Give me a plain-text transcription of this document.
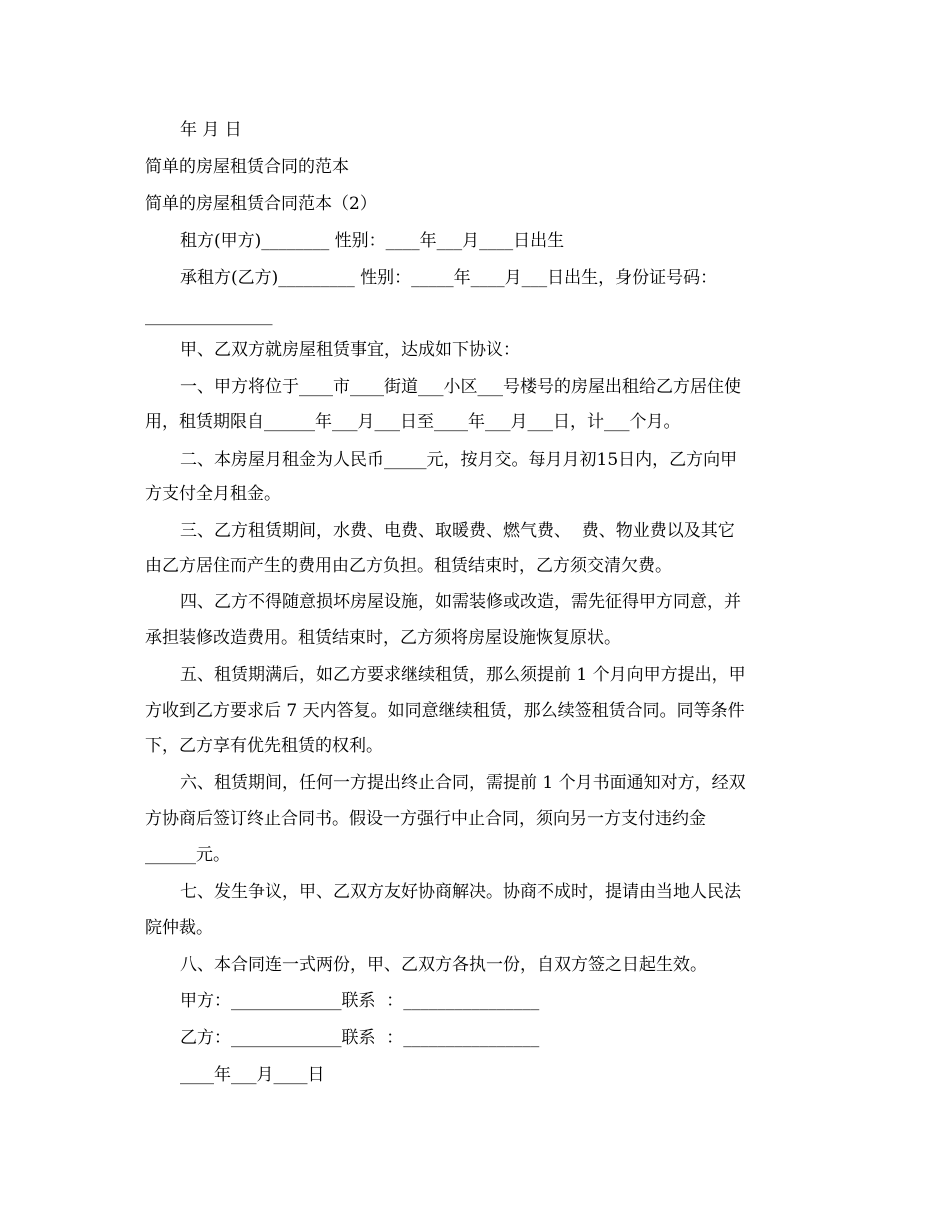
年 月 日
简单的房屋租赁合同的范本
简单的房屋租赁合同范本（2）
租方(甲方)________ 性别：____年___月____日出生
承租方(乙方)_________ 性别：_____年____月___日出生，身份证号码：
_______________
甲、乙双方就房屋租赁事宜，达成如下协议：
一、甲方将位于____市____街道___小区___号楼号的房屋出租给乙方居住使
用，租赁期限自______年___月___日至____年___月___日，计___个月。
二、本房屋月租金为人民币_____元，按月交。每月月初15日内，乙方向甲
方支付全月租金。
三、乙方租赁期间，水费、电费、取暖费、燃气费、  费、物业费以及其它
由乙方居住而产生的费用由乙方负担。租赁结束时，乙方须交清欠费。
四、乙方不得随意损坏房屋设施，如需装修或改造，需先征得甲方同意，并
承担装修改造费用。租赁结束时，乙方须将房屋设施恢复原状。
五、租赁期满后，如乙方要求继续租赁，那么须提前 1 个月向甲方提出，甲
方收到乙方要求后 7 天内答复。如同意继续租赁，那么续签租赁合同。同等条件
下，乙方享有优先租赁的权利。
六、租赁期间，任何一方提出终止合同，需提前 1 个月书面通知对方，经双
方协商后签订终止合同书。假设一方强行中止合同，须向另一方支付违约金
______元。
七、发生争议，甲、乙双方友好协商解决。协商不成时，提请由当地人民法
院仲裁。
八、本合同连一式两份，甲、乙双方各执一份，自双方签之日起生效。
甲方：_____________联系  ：________________
乙方：_____________联系  ：________________
____年___月____日
